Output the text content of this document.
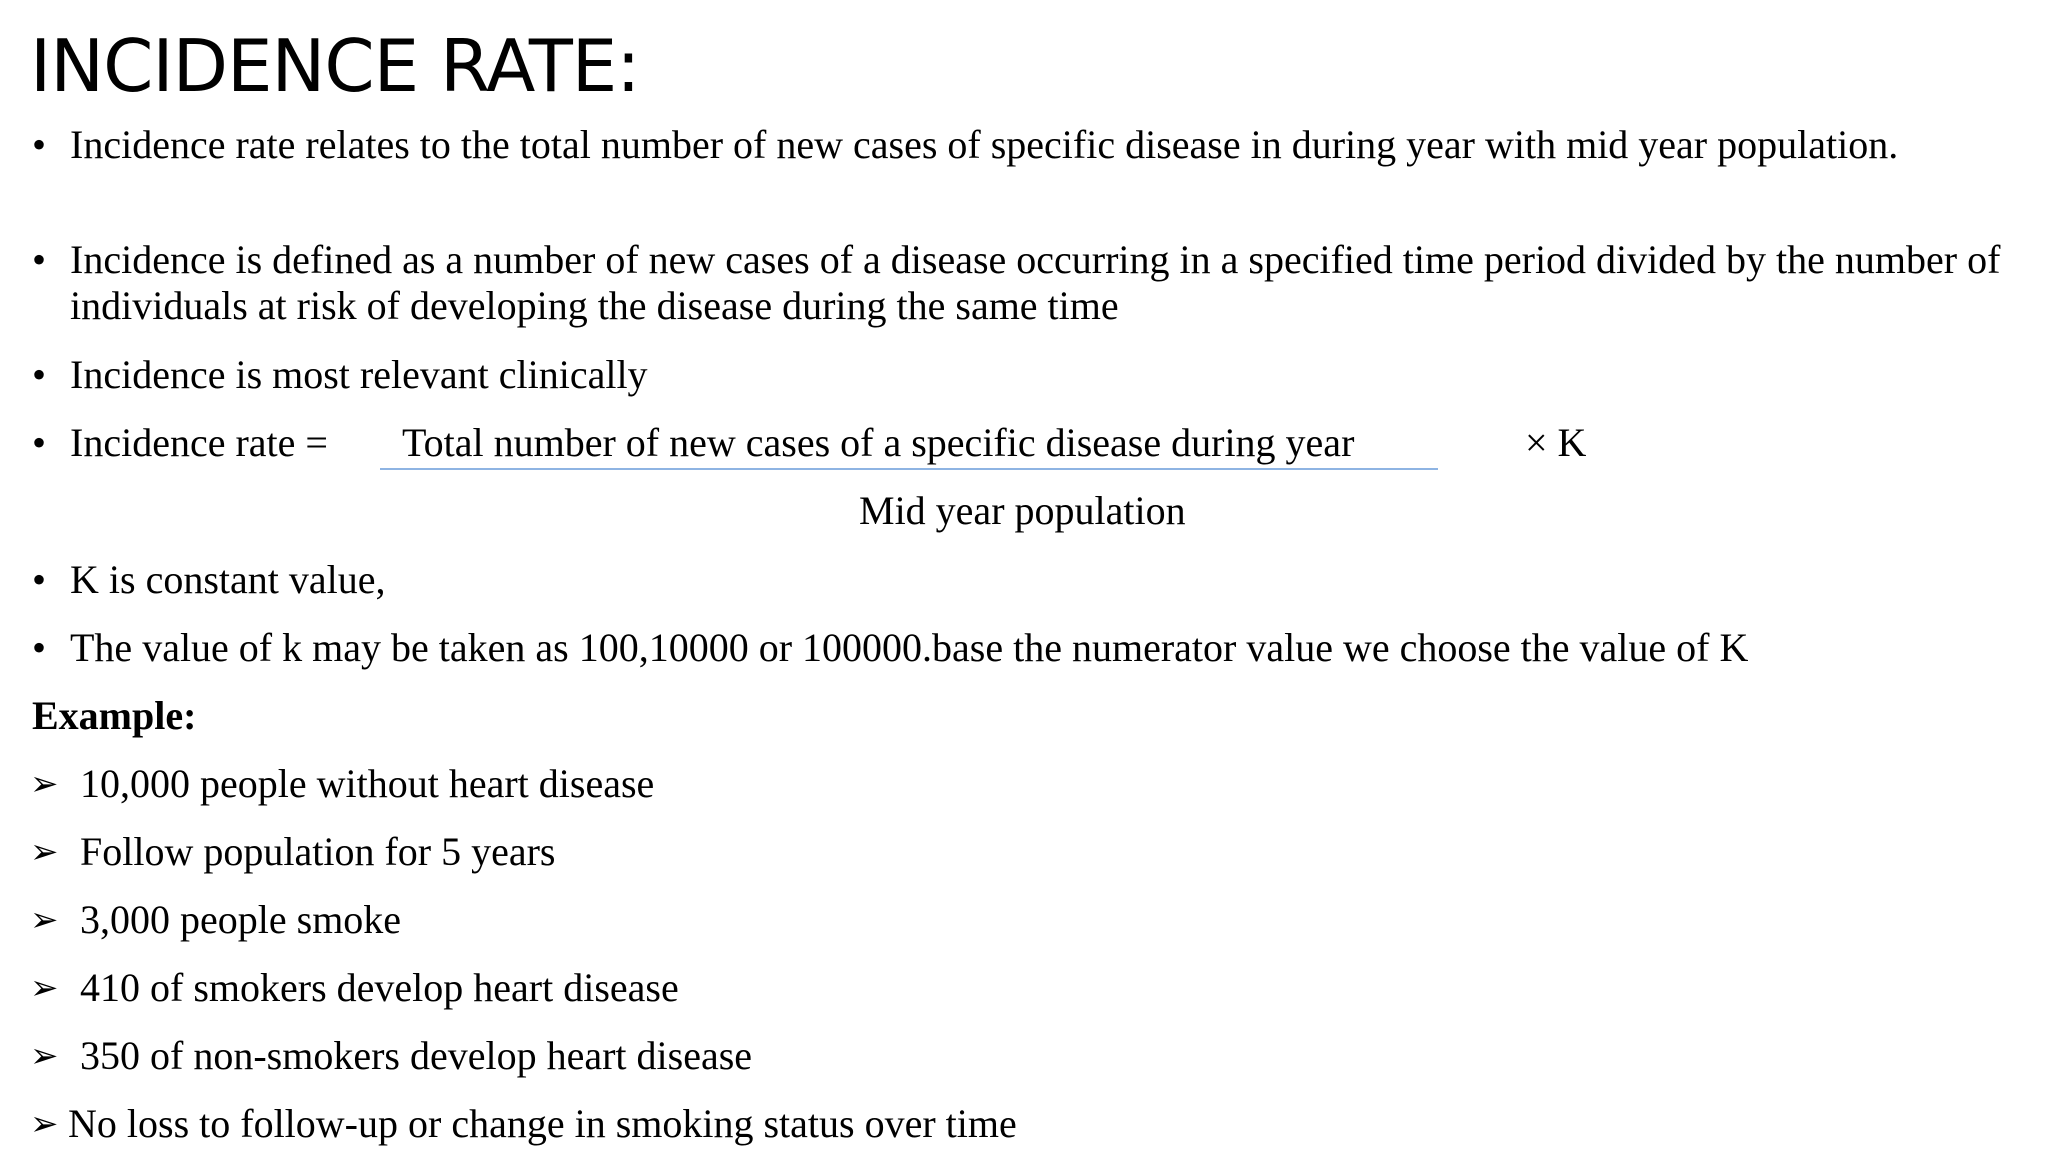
INCIDENCE RATE:
• Incidence rate relates to the total number of new cases of specific disease in during year with mid year population.
• Incidence is defined as a number of new cases of a disease occurring in a specified time period divided by the number of individuals at risk of developing the disease during the same time
• Incidence is most relevant clinically
• Incidence rate = Total number of new cases of a specific disease during year	× K
Mid year population
• K is constant value,
• The value of k may be taken as 100,10000 or 100000.base the numerator value we choose the value of K
Example:
➢ 10,000 people without heart disease
➢ Follow population for 5 years
➢ 3,000 people smoke
➢ 410 of smokers develop heart disease
➢ 350 of non-smokers develop heart disease
➢ No loss to follow-up or change in smoking status over time
